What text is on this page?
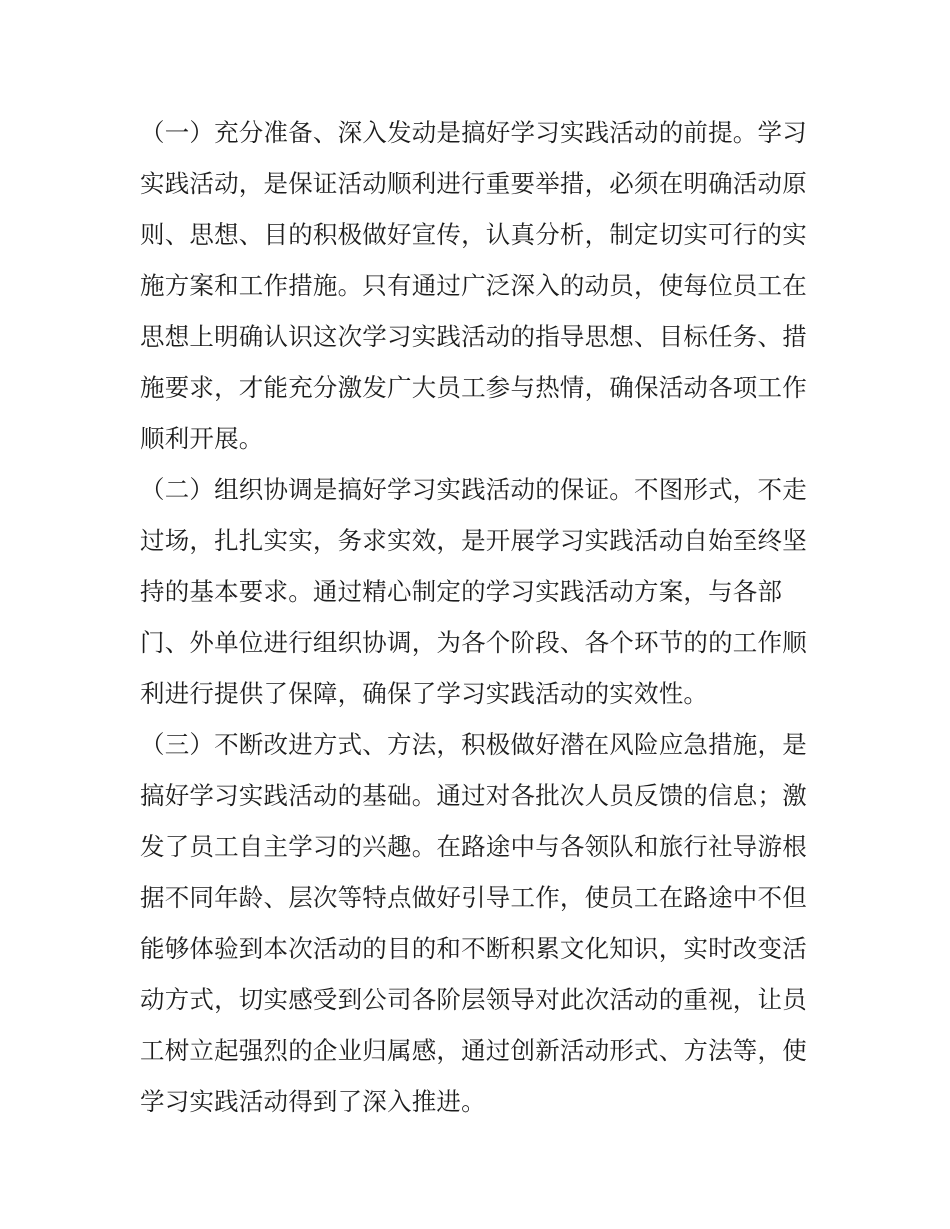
（一）充分准备、深入发动是搞好学习实践活动的前提。学习
实践活动，是保证活动顺利进行重要举措，必须在明确活动原
则、思想、目的积极做好宣传，认真分析，制定切实可行的实
施方案和工作措施。只有通过广泛深入的动员，使每位员工在
思想上明确认识这次学习实践活动的指导思想、目标任务、措
施要求，才能充分激发广大员工参与热情，确保活动各项工作
顺利开展。
（二）组织协调是搞好学习实践活动的保证。不图形式，不走
过场，扎扎实实，务求实效，是开展学习实践活动自始至终坚
持的基本要求。通过精心制定的学习实践活动方案，与各部
门、外单位进行组织协调，为各个阶段、各个环节的的工作顺
利进行提供了保障，确保了学习实践活动的实效性。
（三）不断改进方式、方法，积极做好潜在风险应急措施，是
搞好学习实践活动的基础。通过对各批次人员反馈的信息；激
发了员工自主学习的兴趣。在路途中与各领队和旅行社导游根
据不同年龄、层次等特点做好引导工作，使员工在路途中不但
能够体验到本次活动的目的和不断积累文化知识，实时改变活
动方式，切实感受到公司各阶层领导对此次活动的重视，让员
工树立起强烈的企业归属感，通过创新活动形式、方法等，使
学习实践活动得到了深入推进。
